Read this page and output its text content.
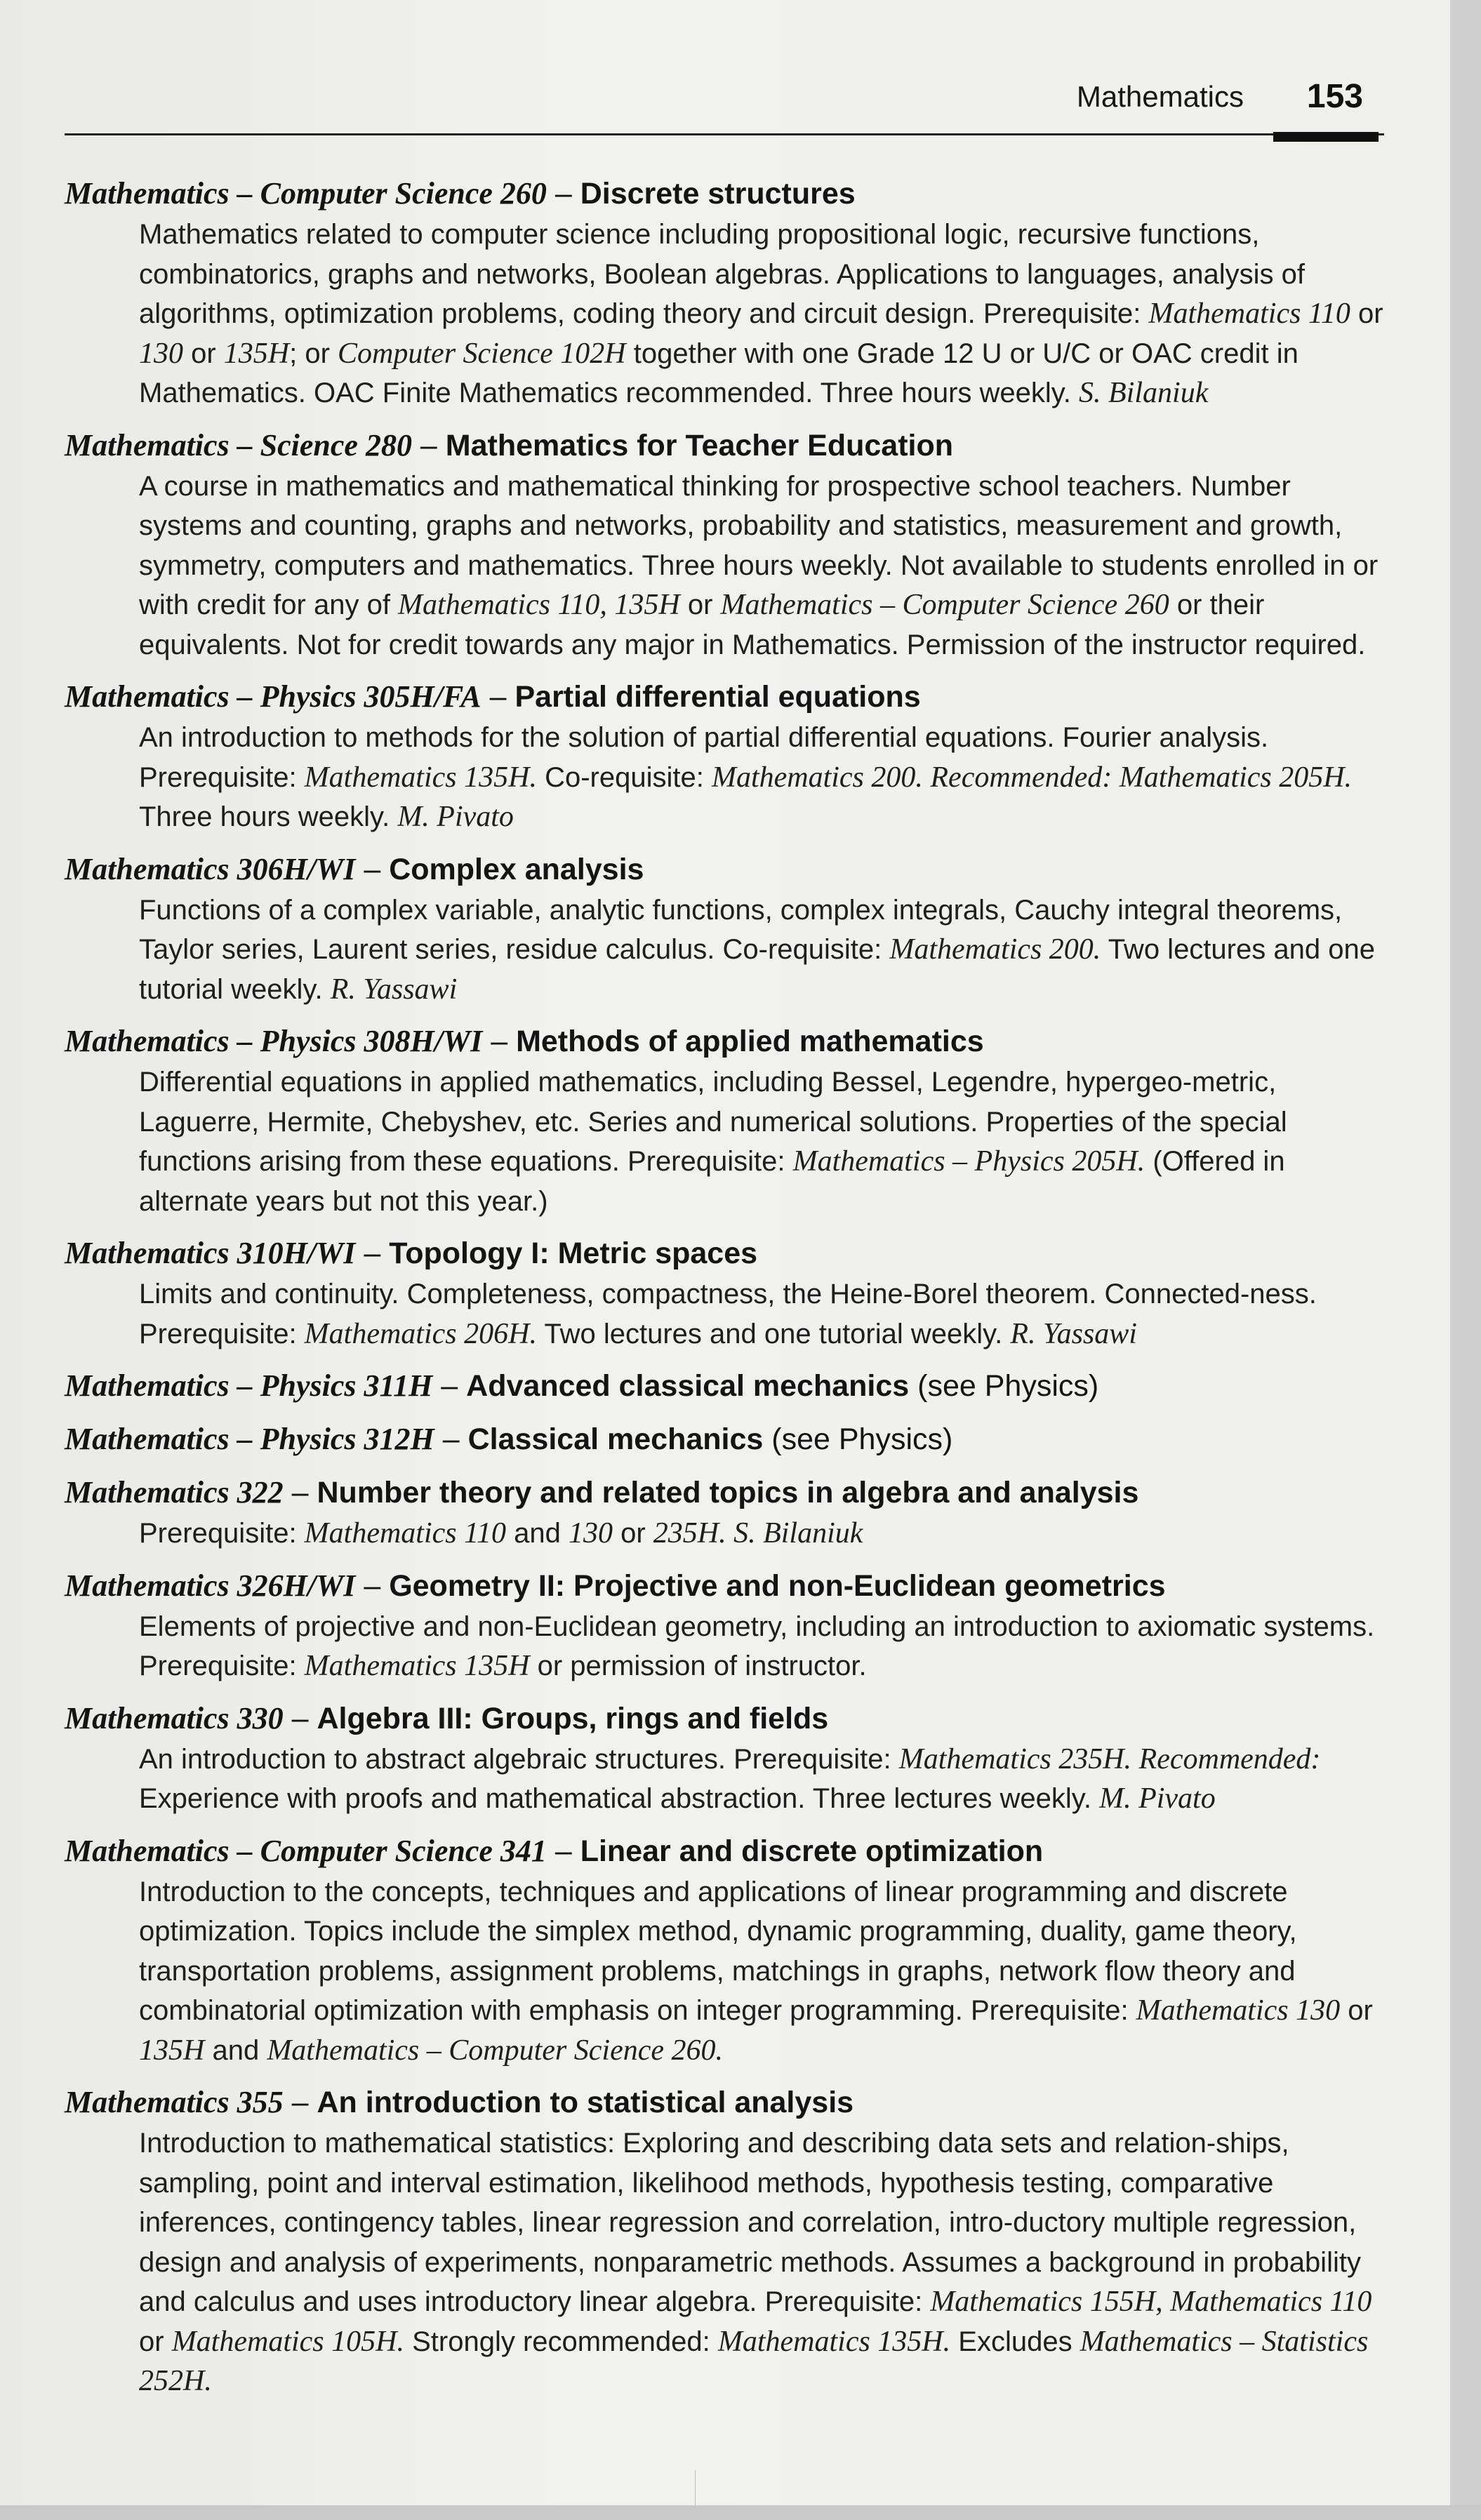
Mathematics 153
Mathematics – Computer Science 260 – Discrete structures
Mathematics related to computer science including propositional logic, recursive functions, combinatorics, graphs and networks, Boolean algebras. Applications to languages, analysis of algorithms, optimization problems, coding theory and circuit design. Prerequisite: Mathematics 110 or 130 or 135H; or Computer Science 102H together with one Grade 12 U or U/C or OAC credit in Mathematics. OAC Finite Mathematics recommended. Three hours weekly. S. Bilaniuk
Mathematics – Science 280 – Mathematics for Teacher Education
A course in mathematics and mathematical thinking for prospective school teachers. Number systems and counting, graphs and networks, probability and statistics, measurement and growth, symmetry, computers and mathematics. Three hours weekly. Not available to students enrolled in or with credit for any of Mathematics 110, 135H or Mathematics – Computer Science 260 or their equivalents. Not for credit towards any major in Mathematics. Permission of the instructor required.
Mathematics – Physics 305H/FA – Partial differential equations
An introduction to methods for the solution of partial differential equations. Fourier analysis. Prerequisite: Mathematics 135H. Co-requisite: Mathematics 200. Recommended: Mathematics 205H. Three hours weekly. M. Pivato
Mathematics 306H/WI – Complex analysis
Functions of a complex variable, analytic functions, complex integrals, Cauchy integral theorems, Taylor series, Laurent series, residue calculus. Co-requisite: Mathematics 200. Two lectures and one tutorial weekly. R. Yassawi
Mathematics – Physics 308H/WI – Methods of applied mathematics
Differential equations in applied mathematics, including Bessel, Legendre, hypergeo-metric, Laguerre, Hermite, Chebyshev, etc. Series and numerical solutions. Properties of the special functions arising from these equations. Prerequisite: Mathematics – Physics 205H. (Offered in alternate years but not this year.)
Mathematics 310H/WI – Topology I: Metric spaces
Limits and continuity. Completeness, compactness, the Heine-Borel theorem. Connected-ness. Prerequisite: Mathematics 206H. Two lectures and one tutorial weekly. R. Yassawi
Mathematics – Physics 311H – Advanced classical mechanics (see Physics)
Mathematics – Physics 312H – Classical mechanics (see Physics)
Mathematics 322 – Number theory and related topics in algebra and analysis
Prerequisite: Mathematics 110 and 130 or 235H. S. Bilaniuk
Mathematics 326H/WI – Geometry II: Projective and non-Euclidean geometrics
Elements of projective and non-Euclidean geometry, including an introduction to axiomatic systems. Prerequisite: Mathematics 135H or permission of instructor.
Mathematics 330 – Algebra III: Groups, rings and fields
An introduction to abstract algebraic structures. Prerequisite: Mathematics 235H. Recommended: Experience with proofs and mathematical abstraction. Three lectures weekly. M. Pivato
Mathematics – Computer Science 341 – Linear and discrete optimization
Introduction to the concepts, techniques and applications of linear programming and discrete optimization. Topics include the simplex method, dynamic programming, duality, game theory, transportation problems, assignment problems, matchings in graphs, network flow theory and combinatorial optimization with emphasis on integer programming. Prerequisite: Mathematics 130 or 135H and Mathematics – Computer Science 260.
Mathematics 355 – An introduction to statistical analysis
Introduction to mathematical statistics: Exploring and describing data sets and relation-ships, sampling, point and interval estimation, likelihood methods, hypothesis testing, comparative inferences, contingency tables, linear regression and correlation, intro-ductory multiple regression, design and analysis of experiments, nonparametric methods. Assumes a background in probability and calculus and uses introductory linear algebra. Prerequisite: Mathematics 155H, Mathematics 110 or Mathematics 105H. Strongly recommended: Mathematics 135H. Excludes Mathematics – Statistics 252H.
